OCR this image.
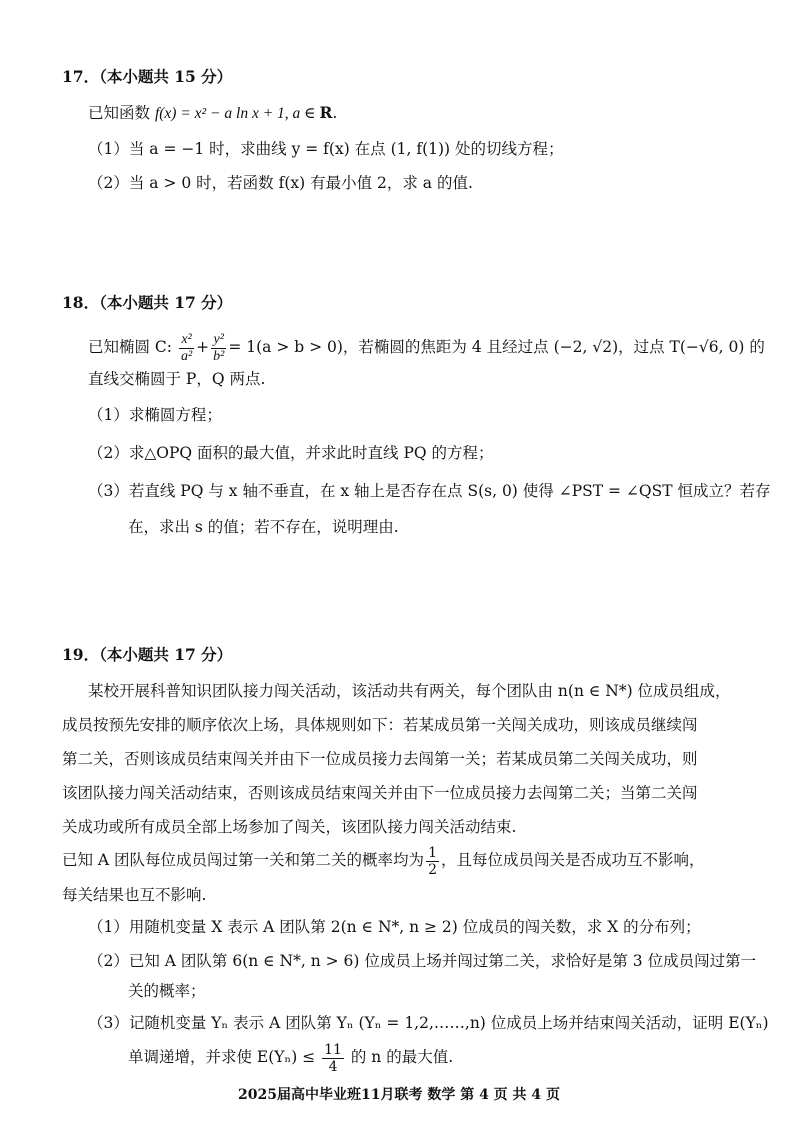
17．（本小题共 15 分）
已知函数 f(x) = x² − a ln x + 1, a ∈ R.
（1）当 a = −1 时，求曲线 y = f(x) 在点 (1, f(1)) 处的切线方程；
（2）当 a > 0 时，若函数 f(x) 有最小值 2，求 a 的值.
18．（本小题共 17 分）
已知椭圆 C: $\frac{\text{x²}}{\text{a²}} + \frac{\text{y²}}{\text{b²}} = 1(a > b > 0)$，若椭圆的焦距为 4 且经过点 (−2, √2)，过点 T(−√6, 0) 的
直线交椭圆于 P，Q 两点.
（1）求椭圆方程；
（2）求△OPQ 面积的最大值，并求此时直线 PQ 的方程；
（3）若直线 PQ 与 x 轴不垂直，在 x 轴上是否存在点 S(s, 0) 使得 ∠PST = ∠QST 恒成立？若存
在，求出 s 的值；若不存在，说明理由.
19．（本小题共 17 分）
某校开展科普知识团队接力闯关活动，该活动共有两关，每个团队由 n(n ∈ N*) 位成员组成，
成员按预先安排的顺序依次上场，具体规则如下：若某成员第一关闯关成功，则该成员继续闯
第二关，否则该成员结束闯关并由下一位成员接力去闯第一关；若某成员第二关闯关成功，则
该团队接力闯关活动结束，否则该成员结束闯关并由下一位成员接力去闯第二关；当第二关闯
关成功或所有成员全部上场参加了闯关，该团队接力闯关活动结束.
已知 A 团队每位成员闯过第一关和第二关的概率均为 $\frac{1}{2}$ ，且每位成员闯关是否成功互不影响，
每关结果也互不影响.
（1）用随机变量 X 表示 A 团队第 2(n ∈ N*, n ≥ 2) 位成员的闯关数，求 X 的分布列；
（2）已知 A 团队第 6(n ∈ N*, n > 6) 位成员上场并闯过第二关，求恰好是第 3 位成员闯过第一
关的概率；
（3）记随机变量 Yₙ 表示 A 团队第 Yₙ (Yₙ = 1,2,……,n) 位成员上场并结束闯关活动，证明 E(Yₙ)
单调递增，并求使 $E(Y_n) \le \frac{11}{4}$ 的 n 的最大值.
2025届高中毕业班11月联考 数学 第 4 页 共 4 页
